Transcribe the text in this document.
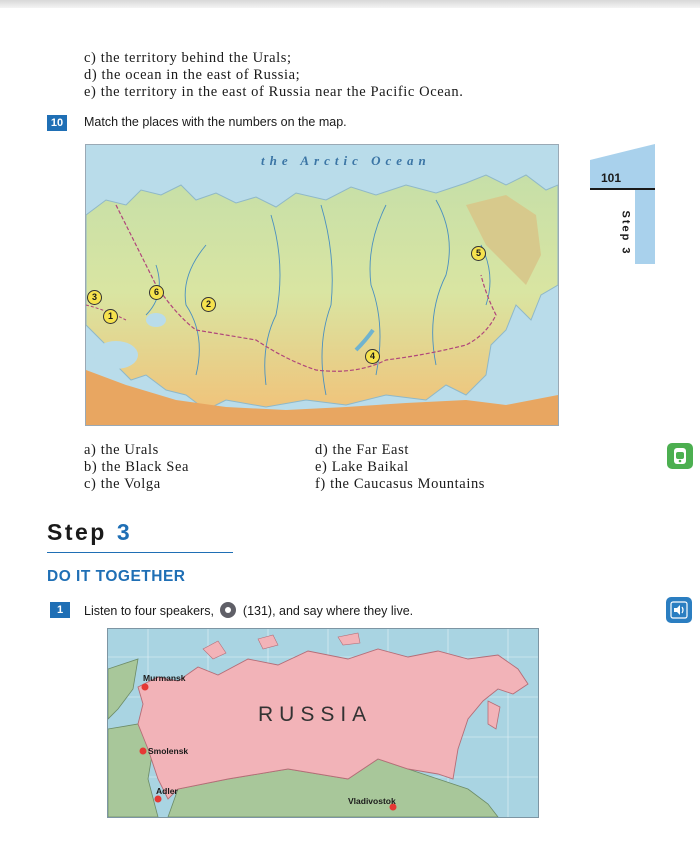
c) the territory behind the Urals;
d) the ocean in the east of Russia;
e) the territory in the east of Russia near the Pacific Ocean.
10	Match the places with the numbers on the map.
the Arctic Ocean
1
2
3
4
5
6
a) the Urals
b) the Black Sea
c) the Volga
d) the Far East
e) Lake Baikal
f) the Caucasus Mountains
101
Step 3
Step 3
DO IT TOGETHER
1	Listen to four speakers, (131), and say where they live.
RUSSIA
Murmansk
Smolensk
Adler
Vladivostok
